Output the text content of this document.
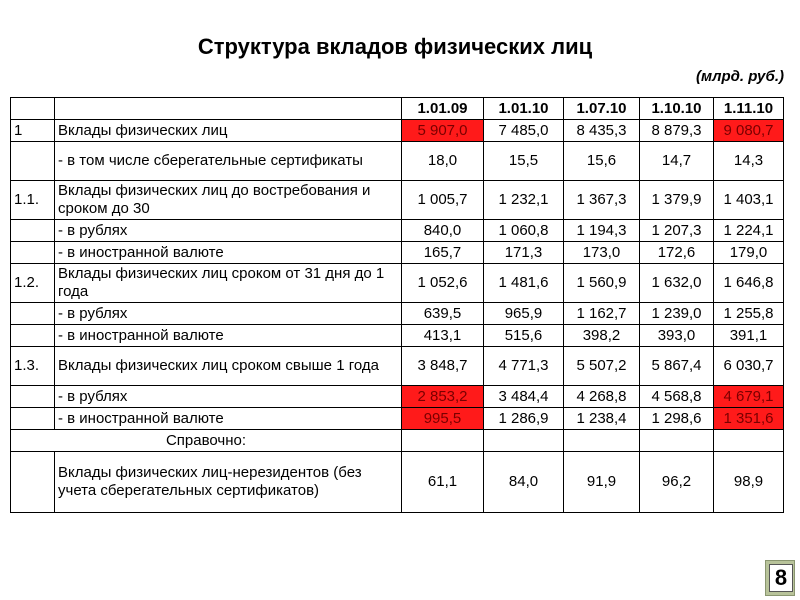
Структура вкладов физических лиц
(млрд. руб.)
		1.01.09	1.01.10	1.07.10	1.10.10	1.11.10
1	Вклады физических лиц	5 907,0	7 485,0	8 435,3	8 879,3	9 080,7
	- в том числе сберегательные сертификаты	18,0	15,5	15,6	14,7	14,3
1.1.	Вклады физических лиц до востребования и сроком до 30	1 005,7	1 232,1	1 367,3	1 379,9	1 403,1
	- в рублях	840,0	1 060,8	1 194,3	1 207,3	1 224,1
	- в иностранной валюте	165,7	171,3	173,0	172,6	179,0
1.2.	Вклады физических лиц сроком от 31 дня до 1 года	1 052,6	1 481,6	1 560,9	1 632,0	1 646,8
	- в рублях	639,5	965,9	1 162,7	1 239,0	1 255,8
	- в иностранной валюте	413,1	515,6	398,2	393,0	391,1
1.3.	Вклады физических лиц сроком свыше 1 года	3 848,7	4 771,3	5 507,2	5 867,4	6 030,7
	- в рублях	2 853,2	3 484,4	4 268,8	4 568,8	4 679,1
	- в иностранной валюте	995,5	1 286,9	1 238,4	1 298,6	1 351,6
Справочно:						
	Вклады физических лиц-нерезидентов (без учета сберегательных сертификатов)	61,1	84,0	91,9	96,2	98,9
8
